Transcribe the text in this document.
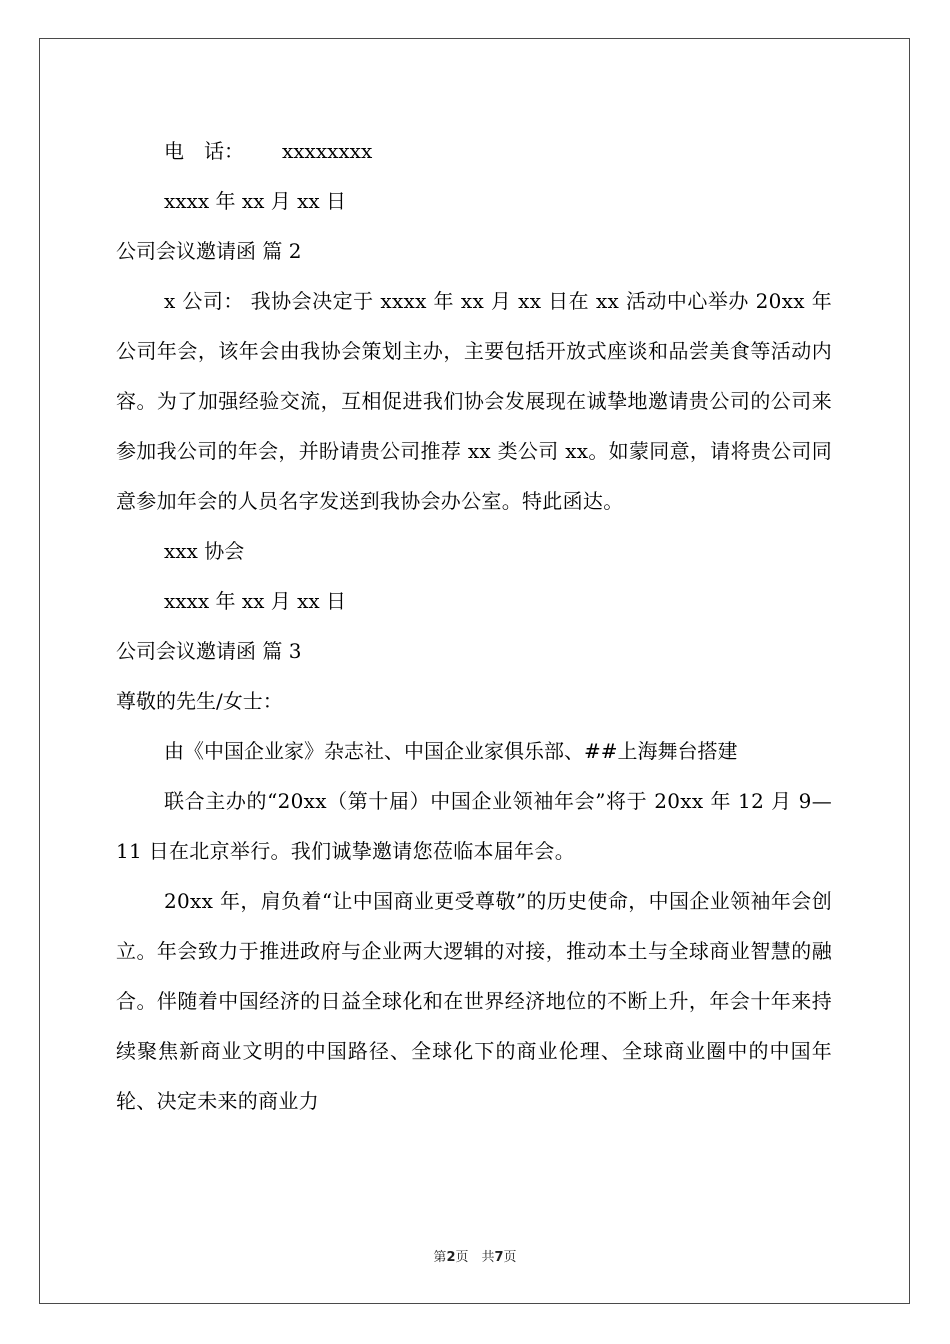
电　话： xxxxxxxx
xxxx 年 xx 月 xx 日
公司会议邀请函 篇 2
x 公司： 我协会决定于 xxxx 年 xx 月 xx 日在 xx 活动中心举办 20xx 年公司年会，该年会由我协会策划主办，主要包括开放式座谈和品尝美食等活动内容。为了加强经验交流，互相促进我们协会发展现在诚挚地邀请贵公司的公司来参加我公司的年会，并盼请贵公司推荐 xx 类公司 xx。如蒙同意，请将贵公司同意参加年会的人员名字发送到我协会办公室。特此函达。
xxx 协会
xxxx 年 xx 月 xx 日
公司会议邀请函 篇 3
尊敬的先生/女士：
由《中国企业家》杂志社、中国企业家俱乐部、##上海舞台搭建
联合主办的“20xx（第十届）中国企业领袖年会”将于 20xx 年 12 月 9—11 日在北京举行。我们诚挚邀请您莅临本届年会。
20xx 年，肩负着“让中国商业更受尊敬”的历史使命，中国企业领袖年会创立。年会致力于推进政府与企业两大逻辑的对接，推动本土与全球商业智慧的融合。伴随着中国经济的日益全球化和在世界经济地位的不断上升，年会十年来持续聚焦新商业文明的中国路径、全球化下的商业伦理、全球商业圈中的中国年轮、决定未来的商业力
第2页　共7页
